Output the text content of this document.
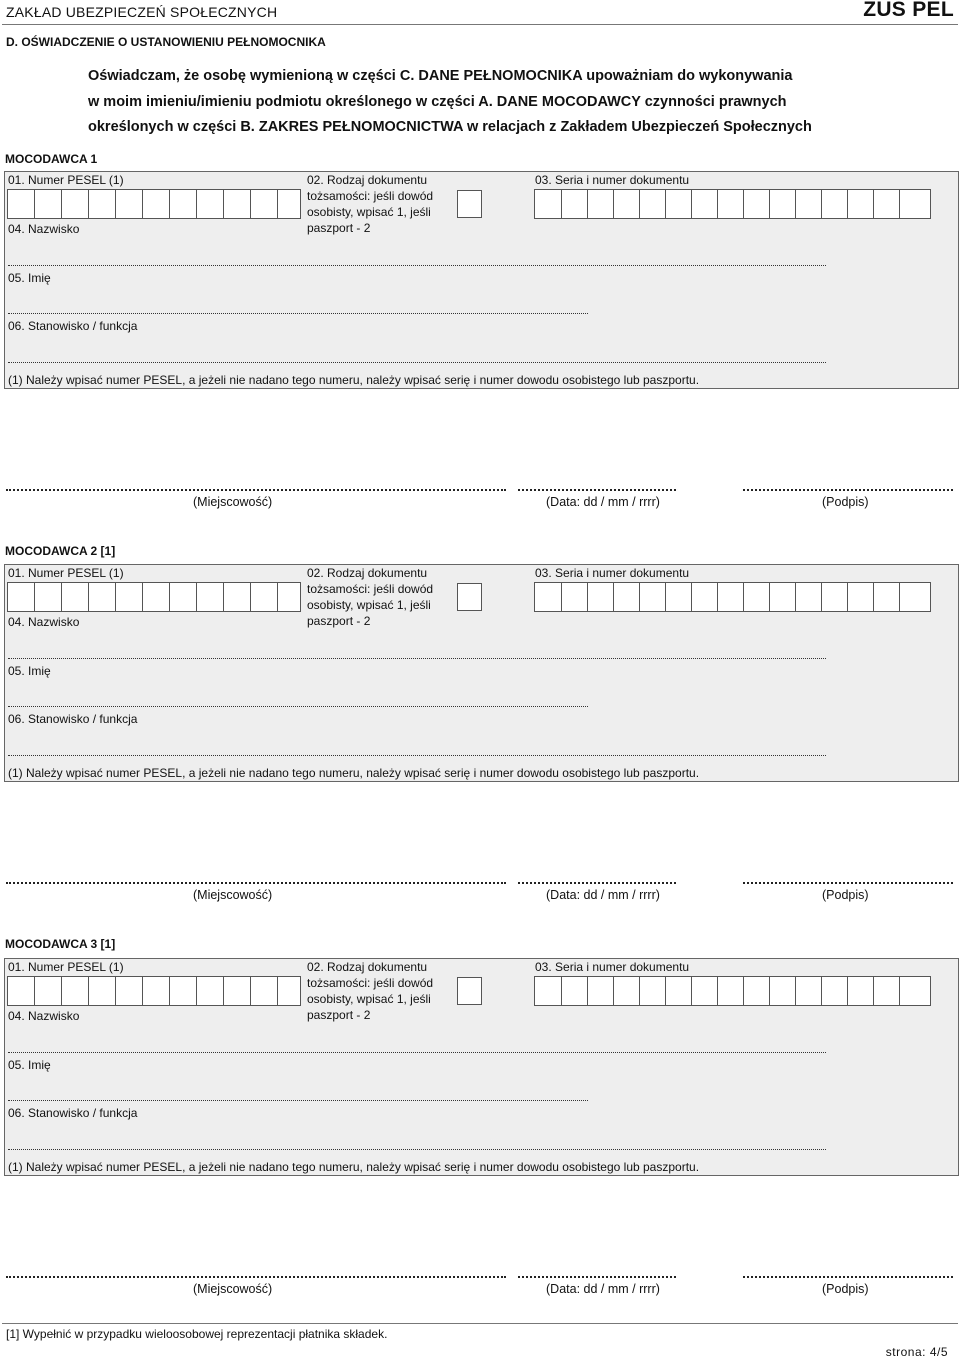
ZAKŁAD UBEZPIECZEŃ SPOŁECZNYCH	ZUS PEL
D. OŚWIADCZENIE O USTANOWIENIU PEŁNOMOCNIKA
Oświadczam, że osobę wymienioną w części C. DANE PEŁNOMOCNIKA upoważniam do wykonywania
w moim imieniu/imieniu podmiotu określonego w części A. DANE MOCODAWCY czynności prawnych
określonych w części B. ZAKRES PEŁNOMOCNICTWA w relacjach z Zakładem Ubezpieczeń Społecznych
MOCODAWCA 1
01. Numer PESEL (1)	02. Rodzaj dokumentu
tożsamości: jeśli dowód
osobisty, wpisać 1, jeśli
paszport - 2
03. Seria i numer dokumentu
04. Nazwisko
05. Imię
06. Stanowisko / funkcja
(1) Należy wpisać numer PESEL, a jeżeli nie nadano tego numeru, należy wpisać serię i numer dowodu osobistego lub paszportu.
(Miejscowość)	(Data: dd / mm / rrrr)	(Podpis)
MOCODAWCA 2 [1]
01. Numer PESEL (1)	02. Rodzaj dokumentu
tożsamości: jeśli dowód
osobisty, wpisać 1, jeśli
paszport - 2
03. Seria i numer dokumentu
04. Nazwisko
05. Imię
06. Stanowisko / funkcja
(1) Należy wpisać numer PESEL, a jeżeli nie nadano tego numeru, należy wpisać serię i numer dowodu osobistego lub paszportu.
(Miejscowość)	(Data: dd / mm / rrrr)	(Podpis)
MOCODAWCA 3 [1]
01. Numer PESEL (1)	02. Rodzaj dokumentu
tożsamości: jeśli dowód
osobisty, wpisać 1, jeśli
paszport - 2
03. Seria i numer dokumentu
04. Nazwisko
05. Imię
06. Stanowisko / funkcja
(1) Należy wpisać numer PESEL, a jeżeli nie nadano tego numeru, należy wpisać serię i numer dowodu osobistego lub paszportu.
(Miejscowość)	(Data: dd / mm / rrrr)	(Podpis)
[1] Wypełnić w przypadku wieloosobowej reprezentacji płatnika składek.
strona: 4/5
